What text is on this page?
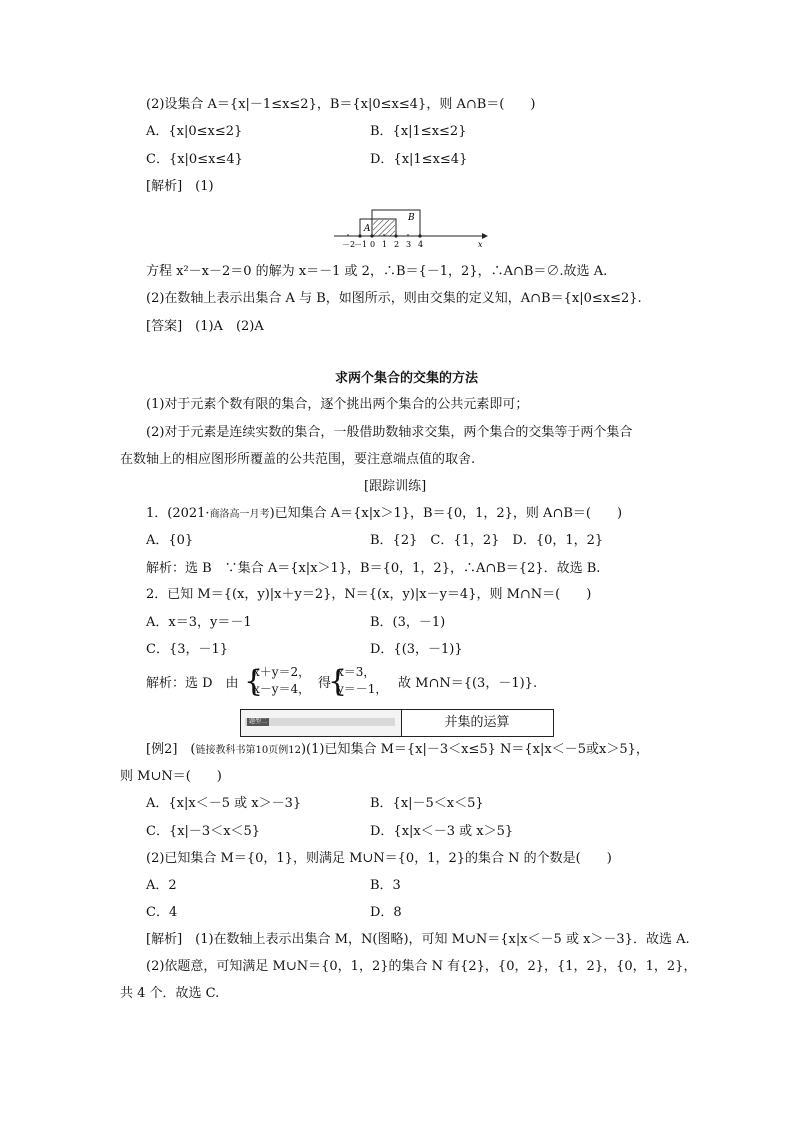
(2)设集合 A＝{x|－1≤x≤2}，B＝{x|0≤x≤4}，则 A∩B＝(　　)
A．{x|0≤x≤2}	B．{x|1≤x≤2}
C．{x|0≤x≤4}	D．{x|1≤x≤4}
[解析]　(1)
A
B
－2
－1 0 1 2 3 4	x
方程 x²－x－2＝0 的解为 x＝－1 或 2，∴B＝{－1，2}，∴A∩B＝∅.故选 A.
(2)在数轴上表示出集合 A 与 B，如图所示，则由交集的定义知，A∩B＝{x|0≤x≤2}.
[答案]　(1)A　(2)A
求两个集合的交集的方法
(1)对于元素个数有限的集合，逐个挑出两个集合的公共元素即可；
(2)对于元素是连续实数的集合，一般借助数轴求交集，两个集合的交集等于两个集合
在数轴上的相应图形所覆盖的公共范围，要注意端点值的取舍.
[跟踪训练]
1．(2021·商洛高一月考)已知集合 A＝{x|x＞1}，B＝{0，1，2}，则 A∩B＝(　　)
A．{0}	B．{2}　C．{1，2}　D．{0，1，2}
解析：选 B　∵集合 A＝{x|x＞1}，B＝{0，1，2}，∴A∩B＝{2}．故选 B.
2．已知 M＝{(x，y)|x＋y＝2}，N＝{(x，y)|x－y＝4}，则 M∩N＝(　　)
A．x＝3，y＝－1	B．(3，－1)
C．{3，－1}	D．{(3，－1)}
解析：选 D　由 {
x＋y＝2，
x－y＝4， 得
{
x＝3，
y＝－1， 故 M∩N＝{(3，－1)}.
题型二	并集的运算
[例2]　(链接教科书第10页例12)(1)已知集合 M＝{x|－3＜x≤5} N＝{x|x＜－5或x＞5}，
则 M∪N＝(　　)
A．{x|x＜－5 或 x＞－3}	B．{x|－5＜x＜5}
C．{x|－3＜x＜5}	D．{x|x＜－3 或 x＞5}
(2)已知集合 M＝{0，1}，则满足 M∪N＝{0，1，2}的集合 N 的个数是(　　)
A．2	B．3
C．4	D．8
[解析]　(1)在数轴上表示出集合 M，N(图略)，可知 M∪N＝{x|x＜－5 或 x＞－3}．故选 A.
(2)依题意，可知满足 M∪N＝{0，1，2}的集合 N 有{2}，{0，2}，{1，2}，{0，1，2}，
共 4 个．故选 C.
